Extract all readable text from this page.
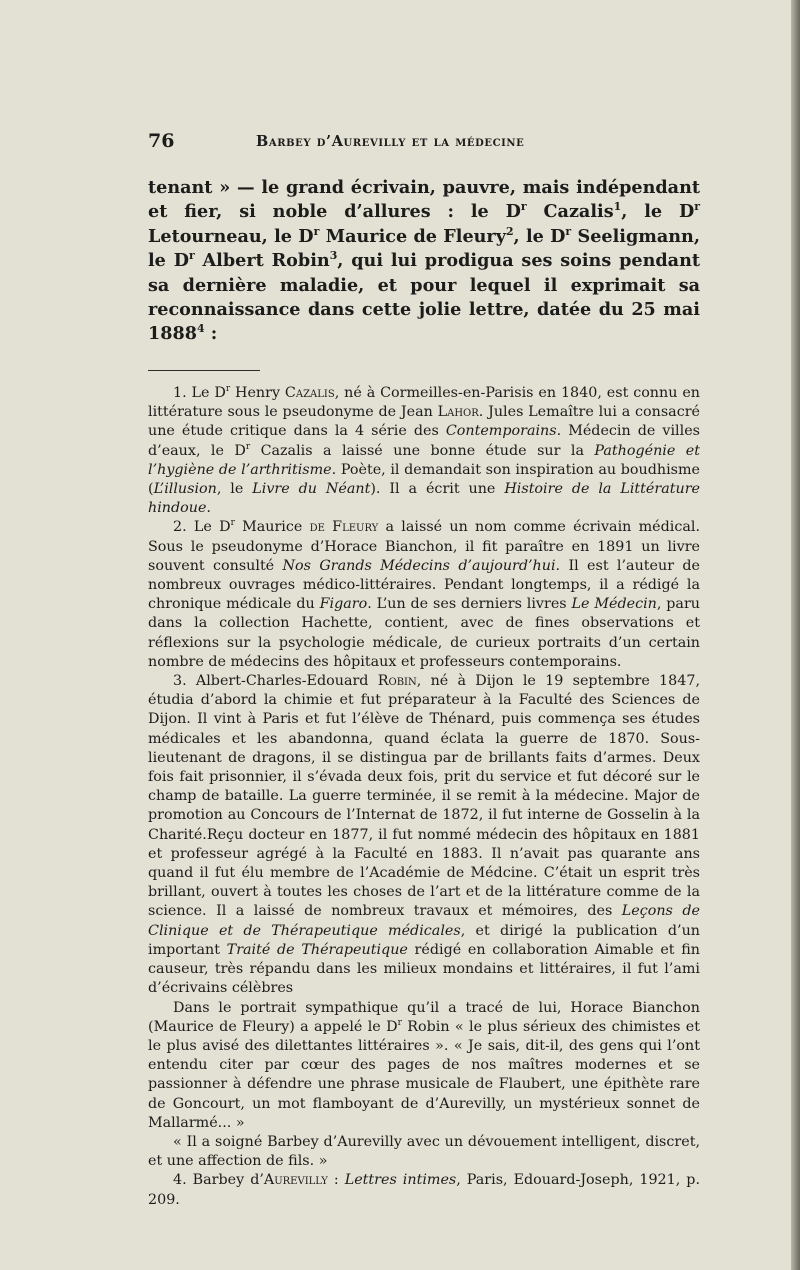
76	Barbey d’Aurevilly et la médecine

tenant » — le grand écrivain, pauvre, mais indépendant et fier, si noble d’allures : le $D^r$ Cazalis$^1$, le $D^r$ Letourneau, le $D^r$ Maurice de Fleury$^2$, le $D^r$ Seeligmann, le $D^r$ Albert Robin$^3$, qui lui prodigua ses soins pendant sa dernière maladie, et pour lequel il exprimait sa reconnaissance dans cette jolie lettre, datée du 25 mai 1888$^4$ :

1. Le $D^r$ Henry Cazalis, né à Cormeilles-en-Parisis en 1840, est connu en littérature sous le pseudonyme de Jean Lahor. Jules Lemaître lui a consacré une étude critique dans la 4 série des Contemporains. Médecin de villes d’eaux, le $D^r$ Cazalis a laissé une bonne étude sur la Pathogénie et l’hygiène de l’arthritisme. Poète, il demandait son inspiration au boudhisme (L’illusion, le Livre du Néant). Il a écrit une Histoire de la Littérature hindoue.

2. Le $D^r$ Maurice de Fleury a laissé un nom comme écrivain médical. Sous le pseudonyme d’Horace Bianchon, il fit paraître en 1891 un livre souvent consulté Nos Grands Médecins d’aujourd’hui. Il est l’auteur de nombreux ouvrages médico-littéraires. Pendant longtemps, il a rédigé la chronique médicale du Figaro. L’un de ses derniers livres Le Médecin, paru dans la collection Hachette, contient, avec de fines observations et réflexions sur la psychologie médicale, de curieux portraits d’un certain nombre de médecins des hôpitaux et professeurs contemporains.

3. Albert-Charles-Edouard Robin, né à Dijon le 19 septembre 1847, étudia d’abord la chimie et fut préparateur à la Faculté des Sciences de Dijon. Il vint à Paris et fut l’élève de Thénard, puis commença ses études médicales et les abandonna, quand éclata la guerre de 1870. Sous-lieutenant de dragons, il se distingua par de brillants faits d’armes. Deux fois fait prisonnier, il s’évada deux fois, prit du service et fut décoré sur le champ de bataille. La guerre terminée, il se remit à la médecine. Major de promotion au Concours de l’Internat de 1872, il fut interne de Gosselin à la Charité.Reçu docteur en 1877, il fut nommé médecin des hôpitaux en 1881 et professeur agrégé à la Faculté en 1883. Il n’avait pas quarante ans quand il fut élu membre de l’Académie de Médcine. C’était un esprit très brillant, ouvert à toutes les choses de l’art et de la littérature comme de la science. Il a laissé de nombreux travaux et mémoires, des Leçons de Clinique et de Thérapeutique médicales, et dirigé la publication d’un important Traité de Thérapeutique rédigé en collaboration Aimable et fin causeur, très répandu dans les milieux mondains et littéraires, il fut l’ami d’écrivains célèbres

Dans le portrait sympathique qu’il a tracé de lui, Horace Bianchon (Maurice de Fleury) a appelé le $D^r$ Robin « le plus sérieux des chimistes et le plus avisé des dilettantes littéraires ». « Je sais, dit-il, des gens qui l’ont entendu citer par cœur des pages de nos maîtres modernes et se passionner à défendre une phrase musicale de Flaubert, une épithète rare de Goncourt, un mot flamboyant de d’Aurevilly, un mystérieux sonnet de Mallarmé... »

« Il a soigné Barbey d’Aurevilly avec un dévouement intelligent, discret, et une affection de fils. »

4. Barbey d’Aurevilly : Lettres intimes, Paris, Edouard-Joseph, 1921, p. 209.
